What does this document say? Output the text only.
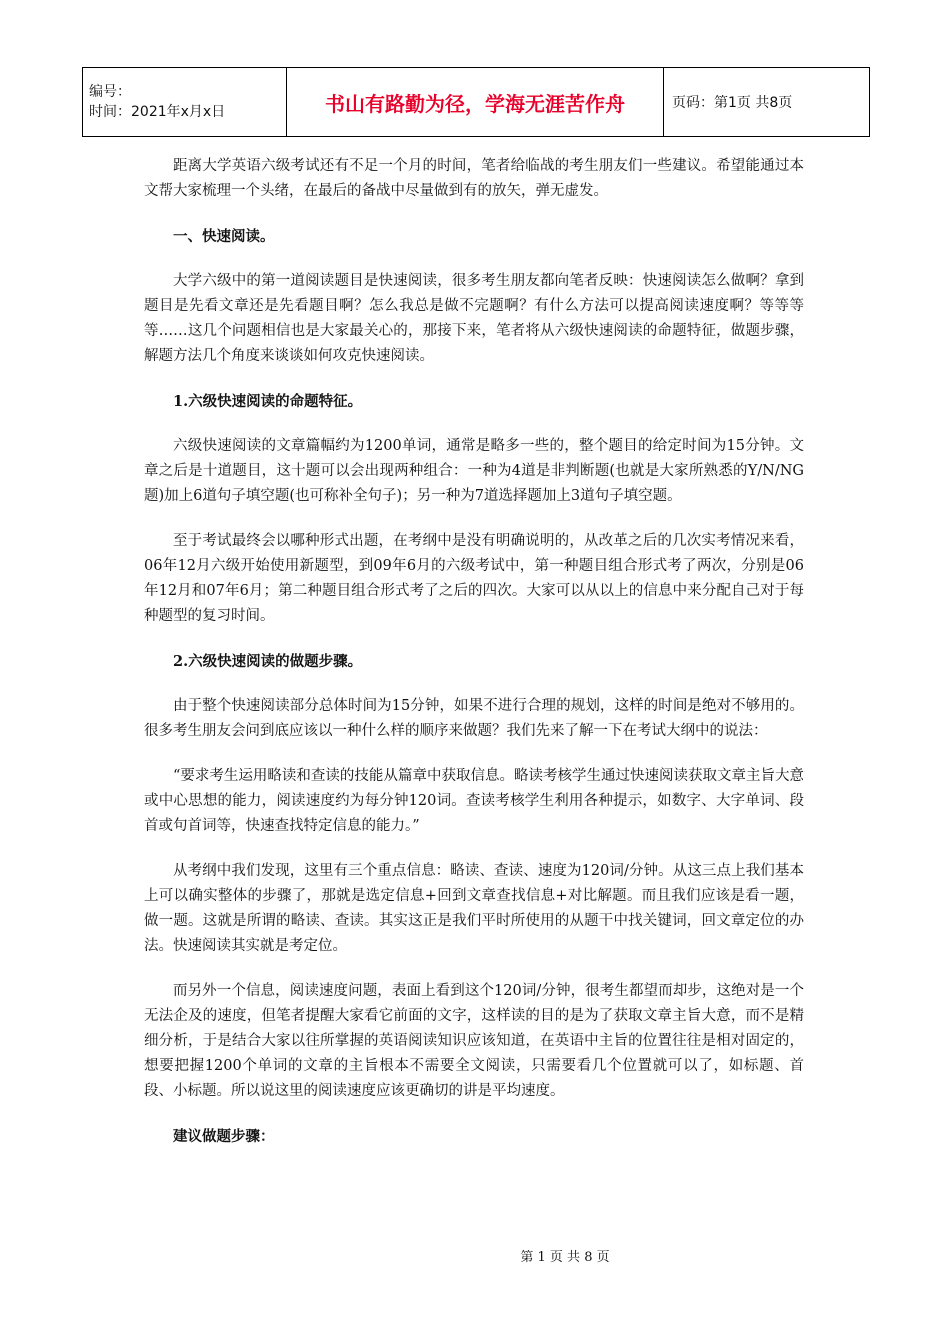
编号：
时间：2021年x月x日	书山有路勤为径，学海无涯苦作舟	页码：第1页 共8页

距离大学英语六级考试还有不足一个月的时间，笔者给临战的考生朋友们一些建议。希望能通过本文帮大家梳理一个头绪，在最后的备战中尽量做到有的放矢，弹无虚发。

一、快速阅读。

大学六级中的第一道阅读题目是快速阅读，很多考生朋友都向笔者反映：快速阅读怎么做啊？拿到题目是先看文章还是先看题目啊？怎么我总是做不完题啊？有什么方法可以提高阅读速度啊？等等等等……这几个问题相信也是大家最关心的，那接下来，笔者将从六级快速阅读的命题特征，做题步骤，解题方法几个角度来谈谈如何攻克快速阅读。

1.六级快速阅读的命题特征。

六级快速阅读的文章篇幅约为1200单词，通常是略多一些的，整个题目的给定时间为15分钟。文章之后是十道题目，这十题可以会出现两种组合：一种为4道是非判断题(也就是大家所熟悉的Y/N/NG题)加上6道句子填空题(也可称补全句子)；另一种为7道选择题加上3道句子填空题。

至于考试最终会以哪种形式出题，在考纲中是没有明确说明的，从改革之后的几次实考情况来看，06年12月六级开始使用新题型，到09年6月的六级考试中，第一种题目组合形式考了两次，分别是06年12月和07年6月；第二种题目组合形式考了之后的四次。大家可以从以上的信息中来分配自己对于每种题型的复习时间。

2.六级快速阅读的做题步骤。

由于整个快速阅读部分总体时间为15分钟，如果不进行合理的规划，这样的时间是绝对不够用的。很多考生朋友会问到底应该以一种什么样的顺序来做题？我们先来了解一下在考试大纲中的说法：

“要求考生运用略读和查读的技能从篇章中获取信息。略读考核学生通过快速阅读获取文章主旨大意或中心思想的能力，阅读速度约为每分钟120词。查读考核学生利用各种提示，如数字、大字单词、段首或句首词等，快速查找特定信息的能力。”

从考纲中我们发现，这里有三个重点信息：略读、查读、速度为120词/分钟。从这三点上我们基本上可以确实整体的步骤了，那就是选定信息+回到文章查找信息+对比解题。而且我们应该是看一题，做一题。这就是所谓的略读、查读。其实这正是我们平时所使用的从题干中找关键词，回文章定位的办法。快速阅读其实就是考定位。

而另外一个信息，阅读速度问题，表面上看到这个120词/分钟，很考生都望而却步，这绝对是一个无法企及的速度，但笔者提醒大家看它前面的文字，这样读的目的是为了获取文章主旨大意，而不是精细分析，于是结合大家以往所掌握的英语阅读知识应该知道，在英语中主旨的位置往往是相对固定的，想要把握1200个单词的文章的主旨根本不需要全文阅读，只需要看几个位置就可以了，如标题、首段、小标题。所以说这里的阅读速度应该更确切的讲是平均速度。

建议做题步骤：
第 1 页 共 8 页
